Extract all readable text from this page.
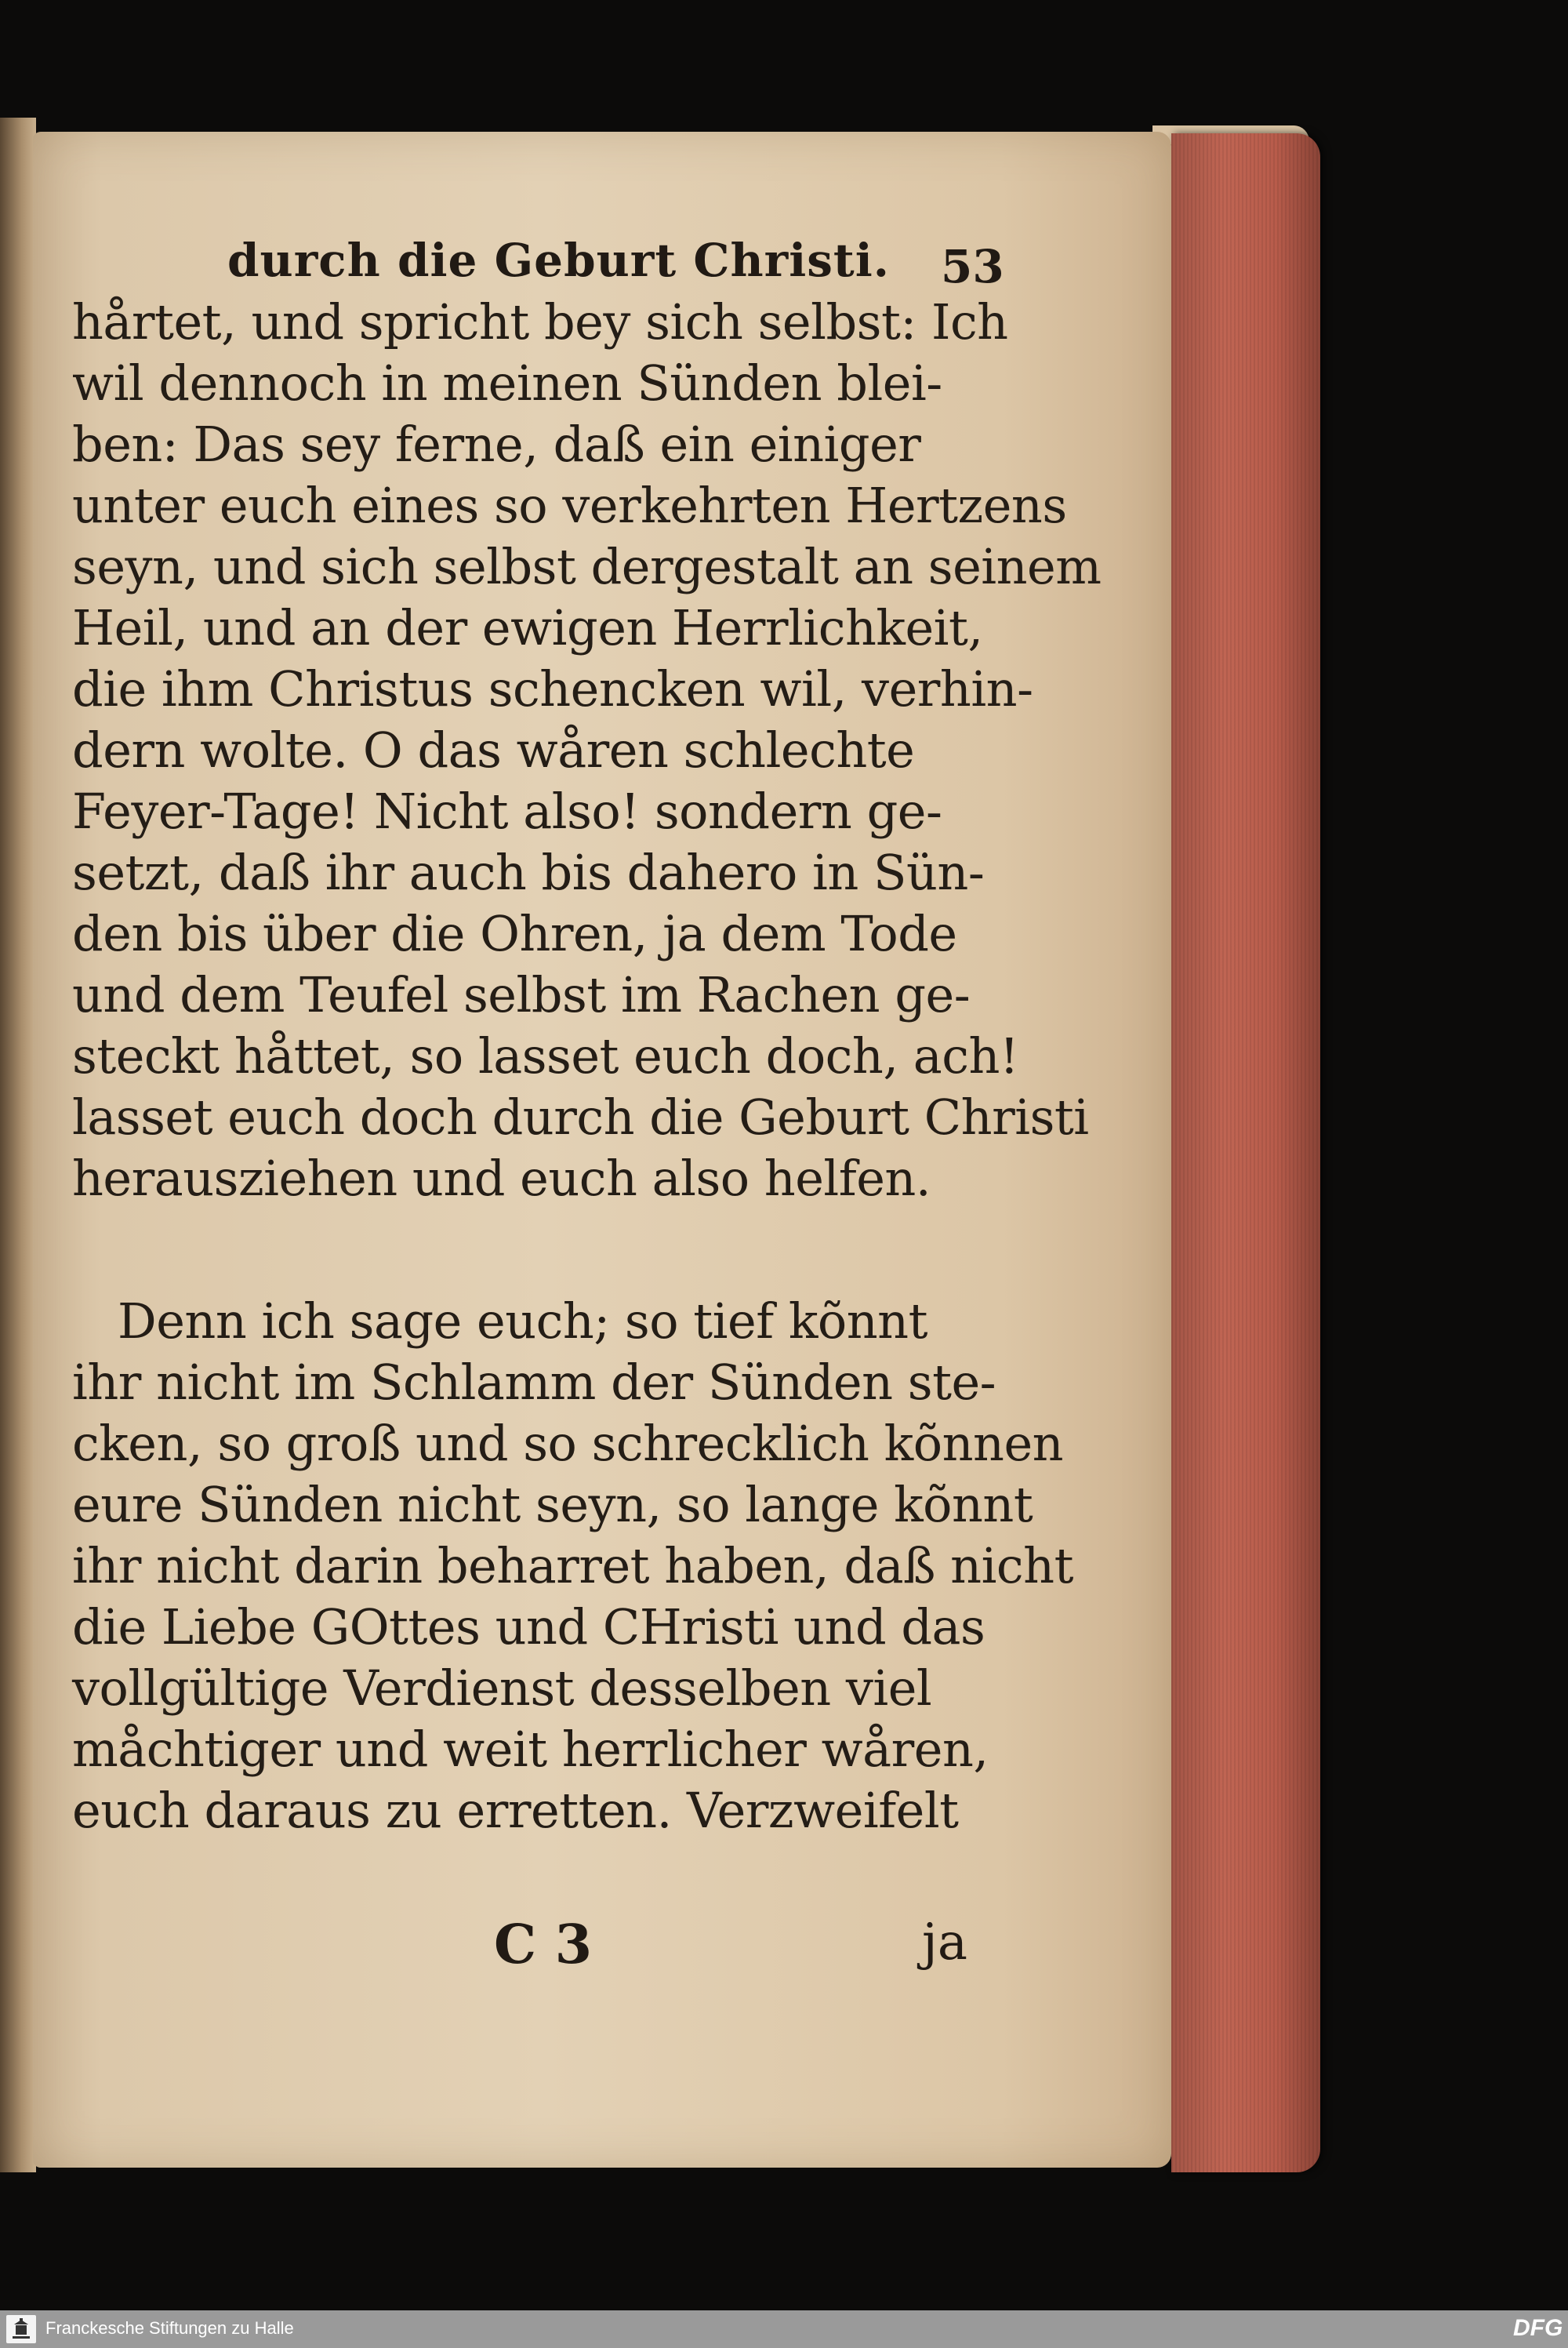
durch die Geburt Christi.	53
hårtet, und spricht bey sich selbst: Ich
wil dennoch in meinen Sünden blei-
ben: Das sey ferne, daß ein einiger
unter euch eines so verkehrten Hertzens
seyn, und sich selbst dergestalt an seinem
Heil, und an der ewigen Herrlichkeit,
die ihm Christus schencken wil, verhin-
dern wolte. O das wåren schlechte
Feyer-Tage! Nicht also! sondern ge-
setzt, daß ihr auch bis dahero in Sün-
den bis über die Ohren, ja dem Tode
und dem Teufel selbst im Rachen ge-
steckt håttet, so lasset euch doch, ach!
lasset euch doch durch die Geburt Christi
herausziehen und euch also helfen.
Denn ich sage euch; so tief kõnnt
ihr nicht im Schlamm der Sünden ste-
cken, so groß und so schrecklich kõnnen
eure Sünden nicht seyn, so lange kõnnt
ihr nicht darin beharret haben, daß nicht
die Liebe GOttes und CHristi und das
vollgültige Verdienst desselben viel
måchtiger und weit herrlicher wåren,
euch daraus zu erretten. Verzweifelt
C 3	ja
Franckesche Stiftungen zu Halle	DFG
